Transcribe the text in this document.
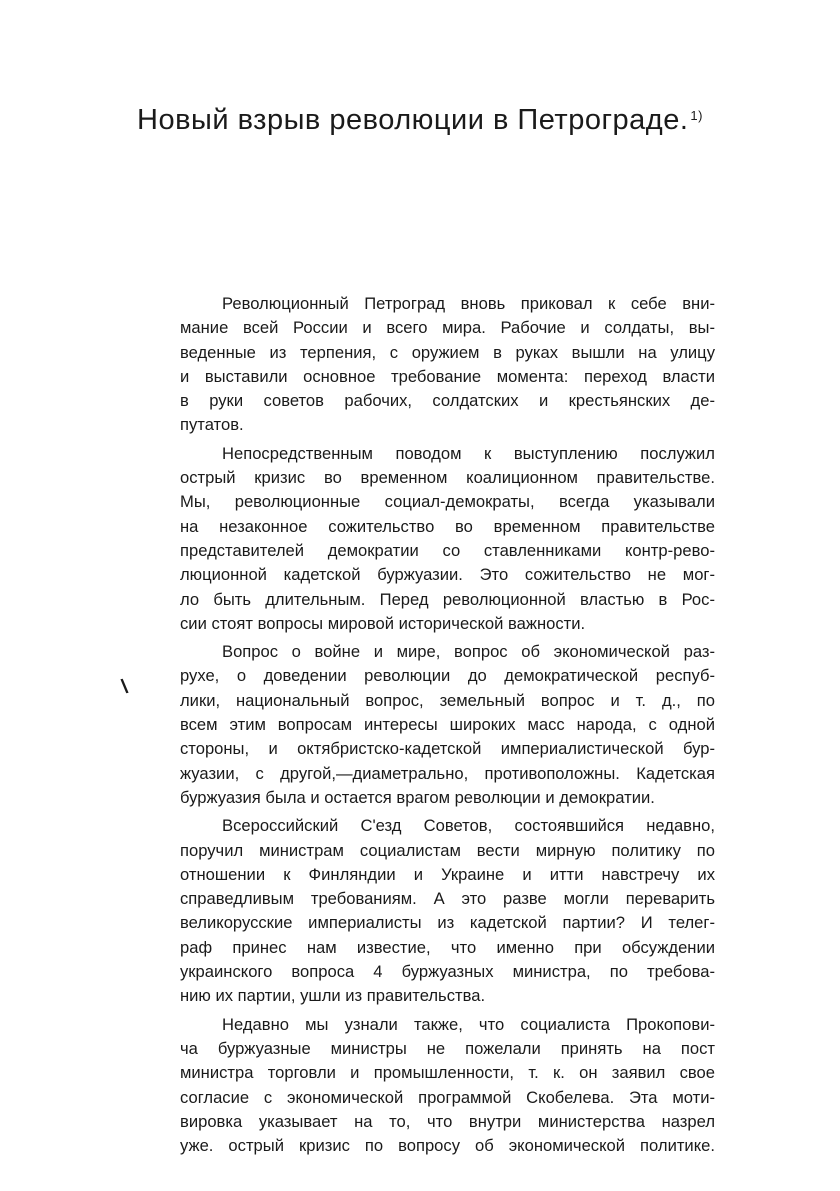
Новый взрыв революции в Петрограде. $^{1)}$
\

Революционный Петроград вновь приковал к себе вни-
мание всей России и всего мира. Рабочие и солдаты, вы-
веденные из терпения, с оружием в руках вышли на улицу
и выставили основное требование момента: переход власти
в руки советов рабочих, солдатских и крестьянских де-
путатов.

Непосредственным поводом к выступлению послужил
острый кризис во временном коалиционном правительстве.
Мы, революционные социал-демократы, всегда указывали
на незаконное сожительство во временном правительстве
представителей демократии со ставленниками контр-рево-
люционной кадетской буржуазии. Это сожительство не мог-
ло быть длительным. Перед революционной властью в Рос-
сии стоят вопросы мировой исторической важности.

Вопрос о войне и мире, вопрос об экономической раз-
рухе, о доведении революции до демократической респуб-
лики, национальный вопрос, земельный вопрос и т. д., по
всем этим вопросам интересы широких масс народа, с одной
стороны, и октябристско-кадетской империалистической бур-
жуазии, с другой,—диаметрально, противоположны. Кадетская
буржуазия была и остается врагом революции и демократии.

Всероссийский С'езд Советов, состоявшийся недавно,
поручил министрам социалистам вести мирную политику по
отношении к Финляндии и Украине и итти навстречу их
справедливым требованиям. А это разве могли переварить
великорусские империалисты из кадетской партии? И телег-
раф принес нам известие, что именно при обсуждении
украинского вопроса 4 буржуазных министра, по требова-
нию их партии, ушли из правительства.

Недавно мы узнали также, что социалиста Прокопови-
ча буржуазные министры не пожелали принять на пост
министра торговли и промышленности, т. к. он заявил свое
согласие с экономической программой Скобелева. Эта моти-
вировка указывает на то, что внутри министерства назрел
уже. острый кризис по вопросу об экономической политике.
